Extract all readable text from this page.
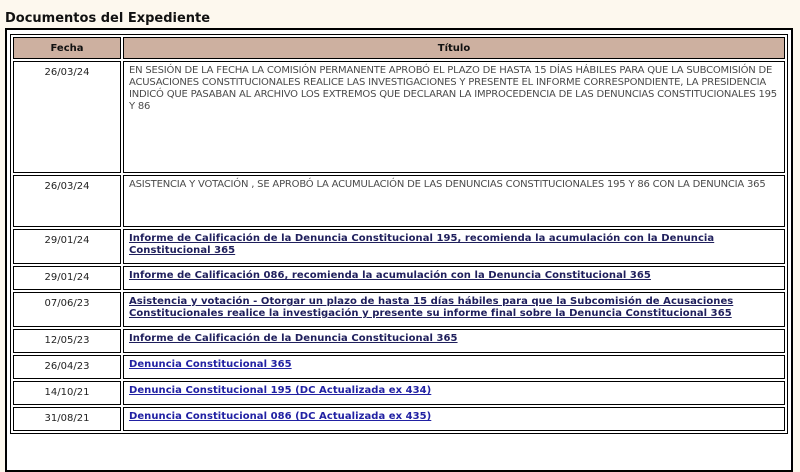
Documentos del Expediente
Fecha	Título
26/03/24	EN SESIÓN DE LA FECHA LA COMISIÓN PERMANENTE APROBÓ EL PLAZO DE HASTA 15 DÍAS HÁBILES PARA QUE LA SUBCOMISIÓN DE ACUSACIONES CONSTITUCIONALES REALICE LAS INVESTIGACIONES Y PRESENTE EL INFORME CORRESPONDIENTE, LA PRESIDENCIA INDICÓ QUE PASABAN AL ARCHIVO LOS EXTREMOS QUE DECLARAN LA IMPROCEDENCIA DE LAS DENUNCIAS CONSTITUCIONALES 195 Y 86
26/03/24	ASISTENCIA Y VOTACIÓN , SE APROBÓ LA ACUMULACIÓN DE LAS DENUNCIAS CONSTITUCIONALES 195 Y 86 CON LA DENUNCIA 365
29/01/24	Informe de Calificación de la Denuncia Constitucional 195, recomienda la acumulación con la Denuncia Constitucional 365
29/01/24	Informe de Calificación 086, recomienda la acumulación con la Denuncia Constitucional 365
07/06/23	Asistencia y votación - Otorgar un plazo de hasta 15 días hábiles para que la Subcomisión de Acusaciones Constitucionales realice la investigación y presente su informe final sobre la Denuncia Constitucional 365
12/05/23	Informe de Calificación de la Denuncia Constitucional 365
26/04/23	Denuncia Constitucional 365
14/10/21	Denuncia Constitucional 195 (DC Actualizada ex 434)
31/08/21	Denuncia Constitucional 086 (DC Actualizada ex 435)
